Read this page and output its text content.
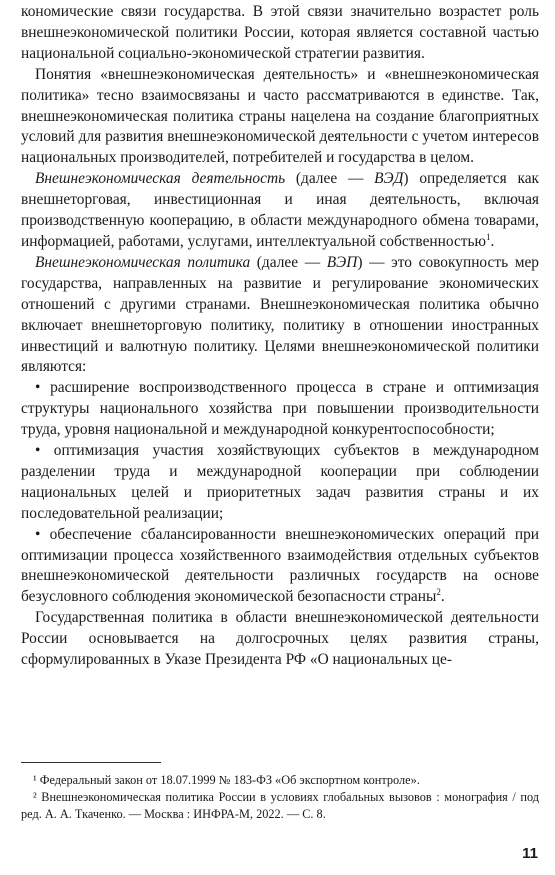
кономические связи государства. В этой связи значительно возрастет роль внешнеэкономической политики России, которая является составной частью национальной социально-экономической стратегии развития.

Понятия «внешнеэкономическая деятельность» и «внешнеэкономическая политика» тесно взаимосвязаны и часто рассматриваются в единстве. Так, внешнеэкономическая политика страны нацелена на создание благоприятных условий для развития внешнеэкономической деятельности с учетом интересов национальных производителей, потребителей и государства в целом.

Внешнеэкономическая деятельность (далее — ВЭД) определяется как внешнеторговая, инвестиционная и иная деятельность, включая производственную кооперацию, в области международного обмена товарами, информацией, работами, услугами, интеллектуальной собственностью$^1$.

Внешнеэкономическая политика (далее — ВЭП) — это совокупность мер государства, направленных на развитие и регулирование экономических отношений с другими странами. Внешнеэкономическая политика обычно включает внешнеторговую политику, политику в отношении иностранных инвестиций и валютную политику. Целями внешнеэкономической политики являются:

• расширение воспроизводственного процесса в стране и оптимизация структуры национального хозяйства при повышении производительности труда, уровня национальной и международной конкурентоспособности;

• оптимизация участия хозяйствующих субъектов в международном разделении труда и международной кооперации при соблюдении национальных целей и приоритетных задач развития страны и их последовательной реализации;

• обеспечение сбалансированности внешнеэкономических операций при оптимизации процесса хозяйственного взаимодействия отдельных субъектов внешнеэкономической деятельности различных государств на основе безусловного соблюдения экономической безопасности страны$^2$.

Государственная политика в области внешнеэкономической деятельности России основывается на долгосрочных целях развития страны, сформулированных в Указе Президента РФ «О национальных це-

¹ Федеральный закон от 18.07.1999 № 183-ФЗ «Об экспортном контроле».

² Внешнеэкономическая политика России в условиях глобальных вызовов : монография / под ред. А. А. Ткаченко. — Москва : ИНФРА-М, 2022. — С. 8.

11
